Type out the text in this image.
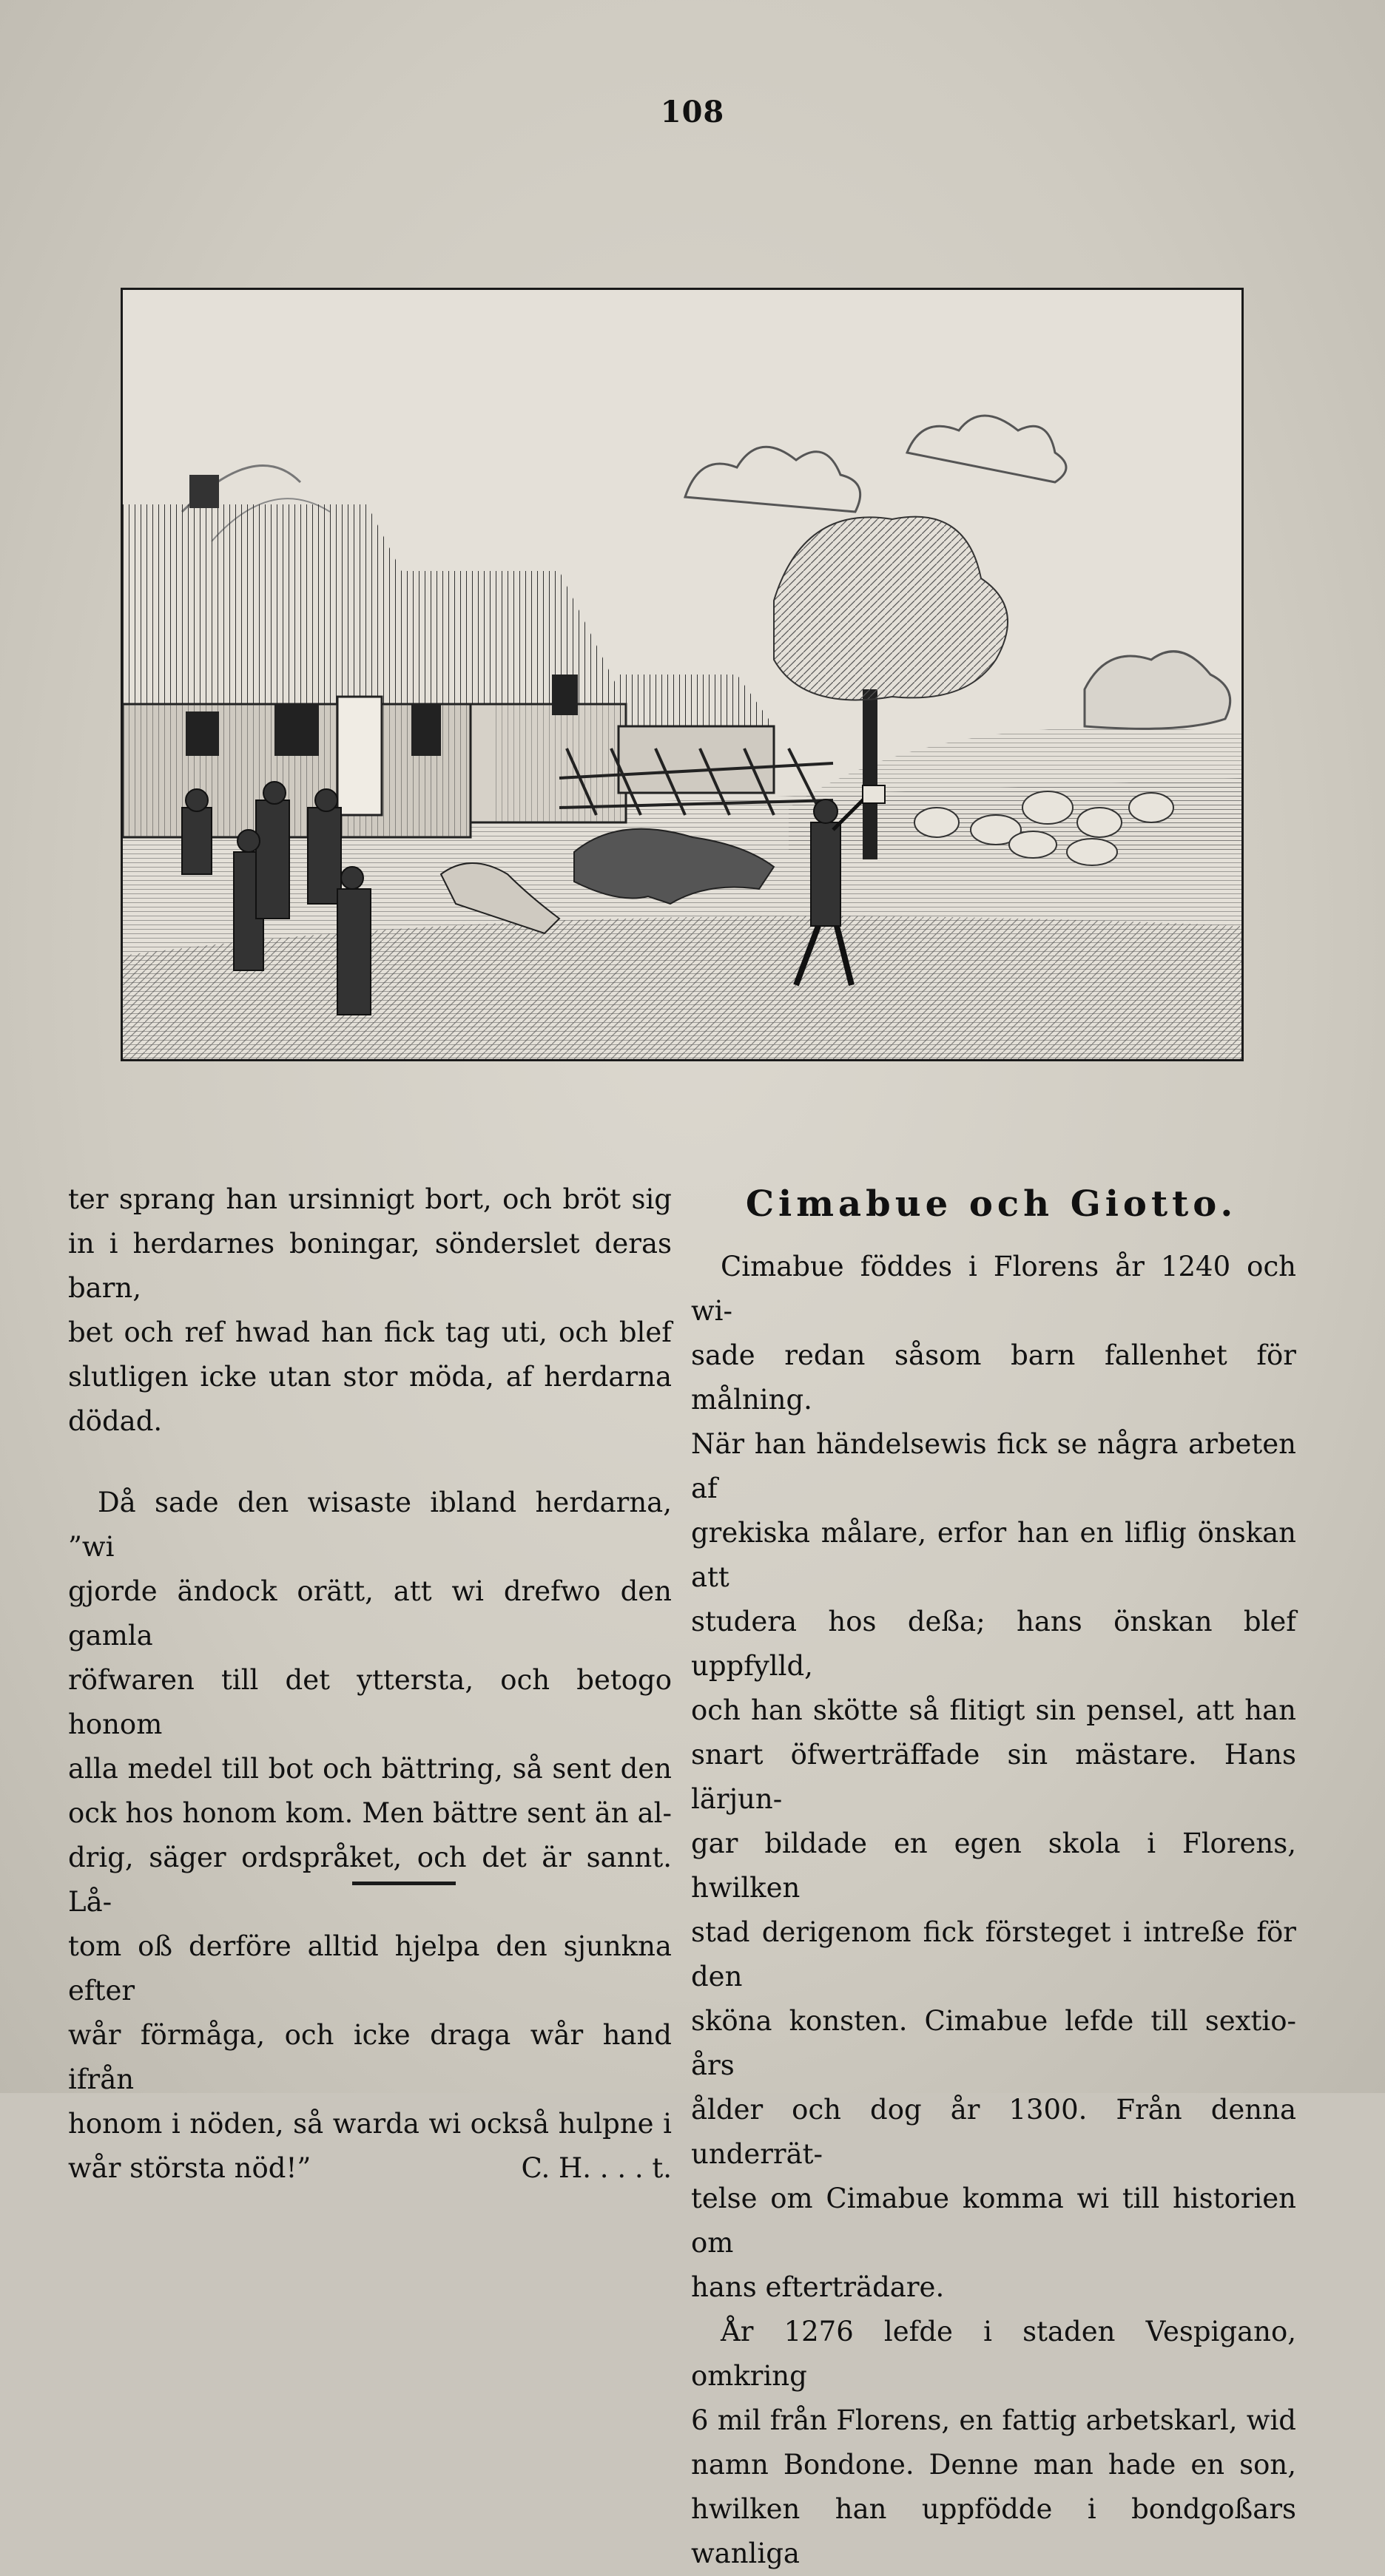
108

ter sprang han ursinnigt bort, och bröt sig

in i herdarnes boningar, sönderslet deras barn,

bet och ref hwad han fick tag uti, och blef

slutligen icke utan stor möda, af herdarna dödad.

Då sade den wisaste ibland herdarna, ”wi

gjorde ändock orätt, att wi drefwo den gamla

röfwaren till det yttersta, och betogo honom

alla medel till bot och bättring, så sent den

ock hos honom kom. Men bättre sent än al-

drig, säger ordspråket, och det är sannt. Lå-

tom oß derföre alltid hjelpa den sjunkna efter

wår förmåga, och icke draga wår hand ifrån

honom i nöden, så warda wi också hulpne i

wår största nöd!”	C. H. . . . t.

Cimabue och Giotto.

Cimabue föddes i Florens år 1240 och wi-

sade redan såsom barn fallenhet för målning.

När han händelsewis fick se några arbeten af

grekiska målare, erfor han en liflig önskan att

studera hos deßa; hans önskan blef uppfylld,

och han skötte så flitigt sin pensel, att han

snart öfwerträffade sin mästare. Hans lärjun-

gar bildade en egen skola i Florens, hwilken

stad derigenom fick försteget i intreße för den

sköna konsten. Cimabue lefde till sextio-års

ålder och dog år 1300. Från denna underrät-

telse om Cimabue komma wi till historien om

hans efterträdare.

År 1276 lefde i staden Vespigano, omkring

6 mil från Florens, en fattig arbetskarl, wid

namn Bondone. Denne man hade en son,

hwilken han uppfödde i bondgoßars wanliga
